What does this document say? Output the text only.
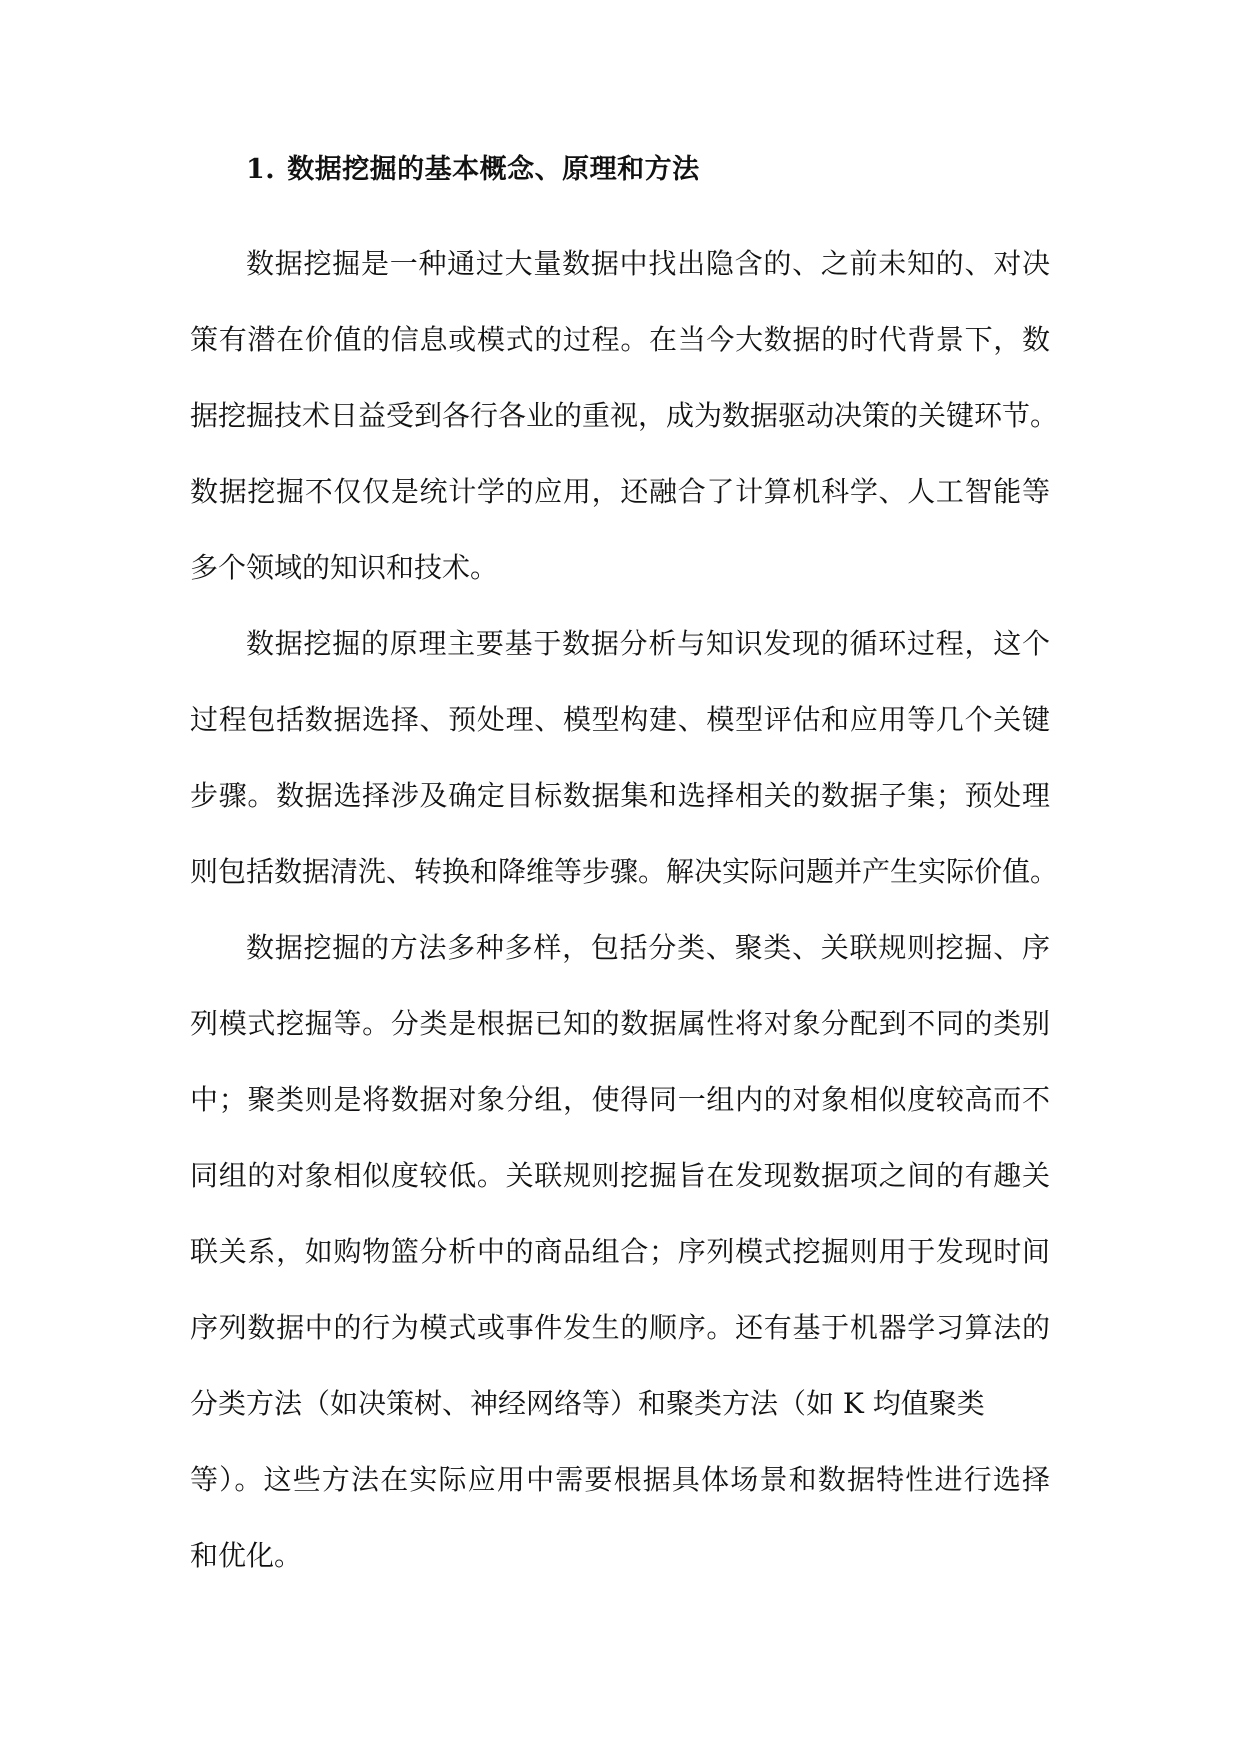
1. 数据挖掘的基本概念、原理和方法

数据挖掘是一种通过大量数据中找出隐含的、之前未知的、对决
策有潜在价值的信息或模式的过程。在当今大数据的时代背景下，数
据挖掘技术日益受到各行各业的重视，成为数据驱动决策的关键环节。
数据挖掘不仅仅是统计学的应用，还融合了计算机科学、人工智能等
多个领域的知识和技术。

数据挖掘的原理主要基于数据分析与知识发现的循环过程，这个
过程包括数据选择、预处理、模型构建、模型评估和应用等几个关键
步骤。数据选择涉及确定目标数据集和选择相关的数据子集；预处理
则包括数据清洗、转换和降维等步骤。解决实际问题并产生实际价值。

数据挖掘的方法多种多样，包括分类、聚类、关联规则挖掘、序
列模式挖掘等。分类是根据已知的数据属性将对象分配到不同的类别
中；聚类则是将数据对象分组，使得同一组内的对象相似度较高而不
同组的对象相似度较低。关联规则挖掘旨在发现数据项之间的有趣关
联关系，如购物篮分析中的商品组合；序列模式挖掘则用于发现时间
序列数据中的行为模式或事件发生的顺序。还有基于机器学习算法的
分类方法（如决策树、神经网络等）和聚类方法（如 K 均值聚类
等）。这些方法在实际应用中需要根据具体场景和数据特性进行选择
和优化。
